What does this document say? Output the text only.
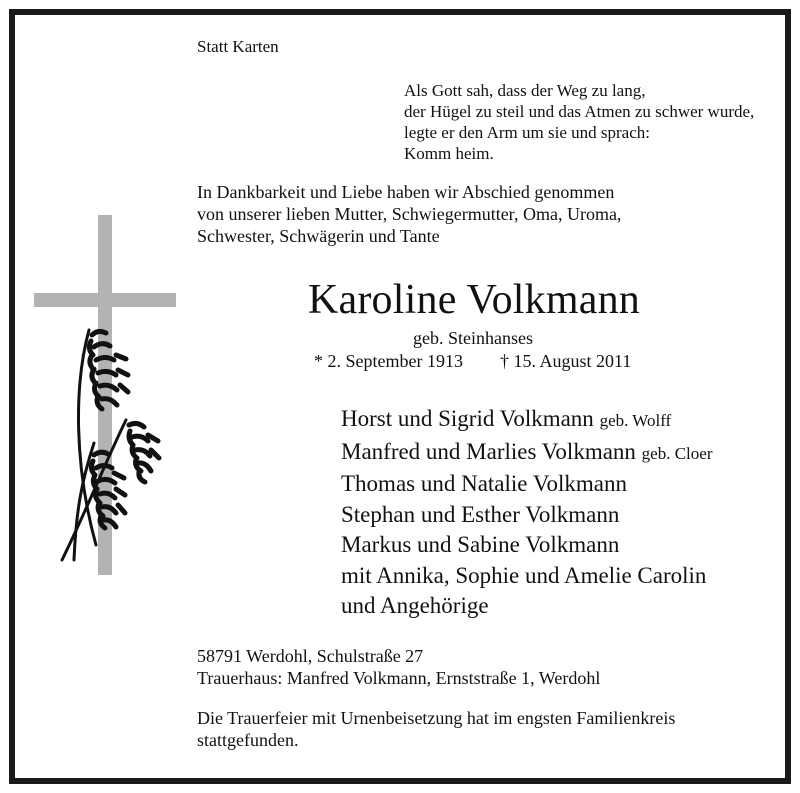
Statt Karten
Als Gott sah, dass der Weg zu lang,
der Hügel zu steil und das Atmen zu schwer wurde,
legte er den Arm um sie und sprach:
Komm heim.
In Dankbarkeit und Liebe haben wir Abschied genommen
von unserer lieben Mutter, Schwiegermutter, Oma, Uroma,
Schwester, Schwägerin und Tante
Karoline Volkmann
geb. Steinhanses
* 2. September 1913 † 15. August 2011
Horst und Sigrid Volkmann geb. Wolff
Manfred und Marlies Volkmann geb. Cloer
Thomas und Natalie Volkmann
Stephan und Esther Volkmann
Markus und Sabine Volkmann
mit Annika, Sophie und Amelie Carolin
und Angehörige
58791 Werdohl, Schulstraße 27
Trauerhaus: Manfred Volkmann, Ernststraße 1, Werdohl
Die Trauerfeier mit Urnenbeisetzung hat im engsten Familienkreis
stattgefunden.
